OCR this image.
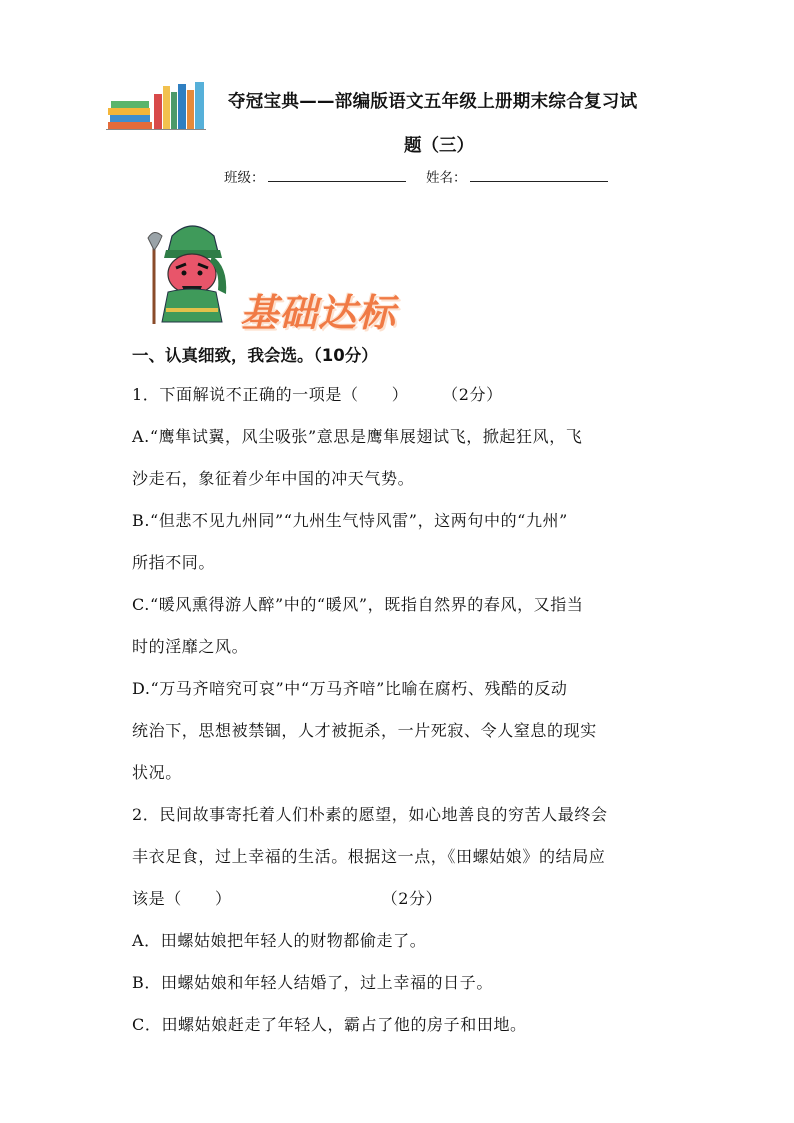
夺冠宝典——部编版语文五年级上册期末综合复习试
题（三）
班级：	姓名：
基础达标
一、认真细致，我会选。（10分）
1．下面解说不正确的一项是（　　）　　　（2分）
A.“鹰隼试翼，风尘吸张”意思是鹰隼展翅试飞，掀起狂风，飞
沙走石，象征着少年中国的冲天气势。
B.“但悲不见九州同”“九州生气恃风雷”，这两句中的“九州”
所指不同。
C.“暖风熏得游人醉”中的“暖风”，既指自然界的春风，又指当
时的淫靡之风。
D.“万马齐喑究可哀”中“万马齐喑”比喻在腐朽、残酷的反动
统治下，思想被禁锢，人才被扼杀，一片死寂、令人窒息的现实
状况。
2．民间故事寄托着人们朴素的愿望，如心地善良的穷苦人最终会
丰衣足食，过上幸福的生活。根据这一点，《田螺姑娘》的结局应
该是（　　）　　　　　　　　　　（2分）
A．田螺姑娘把年轻人的财物都偷走了。
B．田螺姑娘和年轻人结婚了，过上幸福的日子。
C．田螺姑娘赶走了年轻人，霸占了他的房子和田地。
